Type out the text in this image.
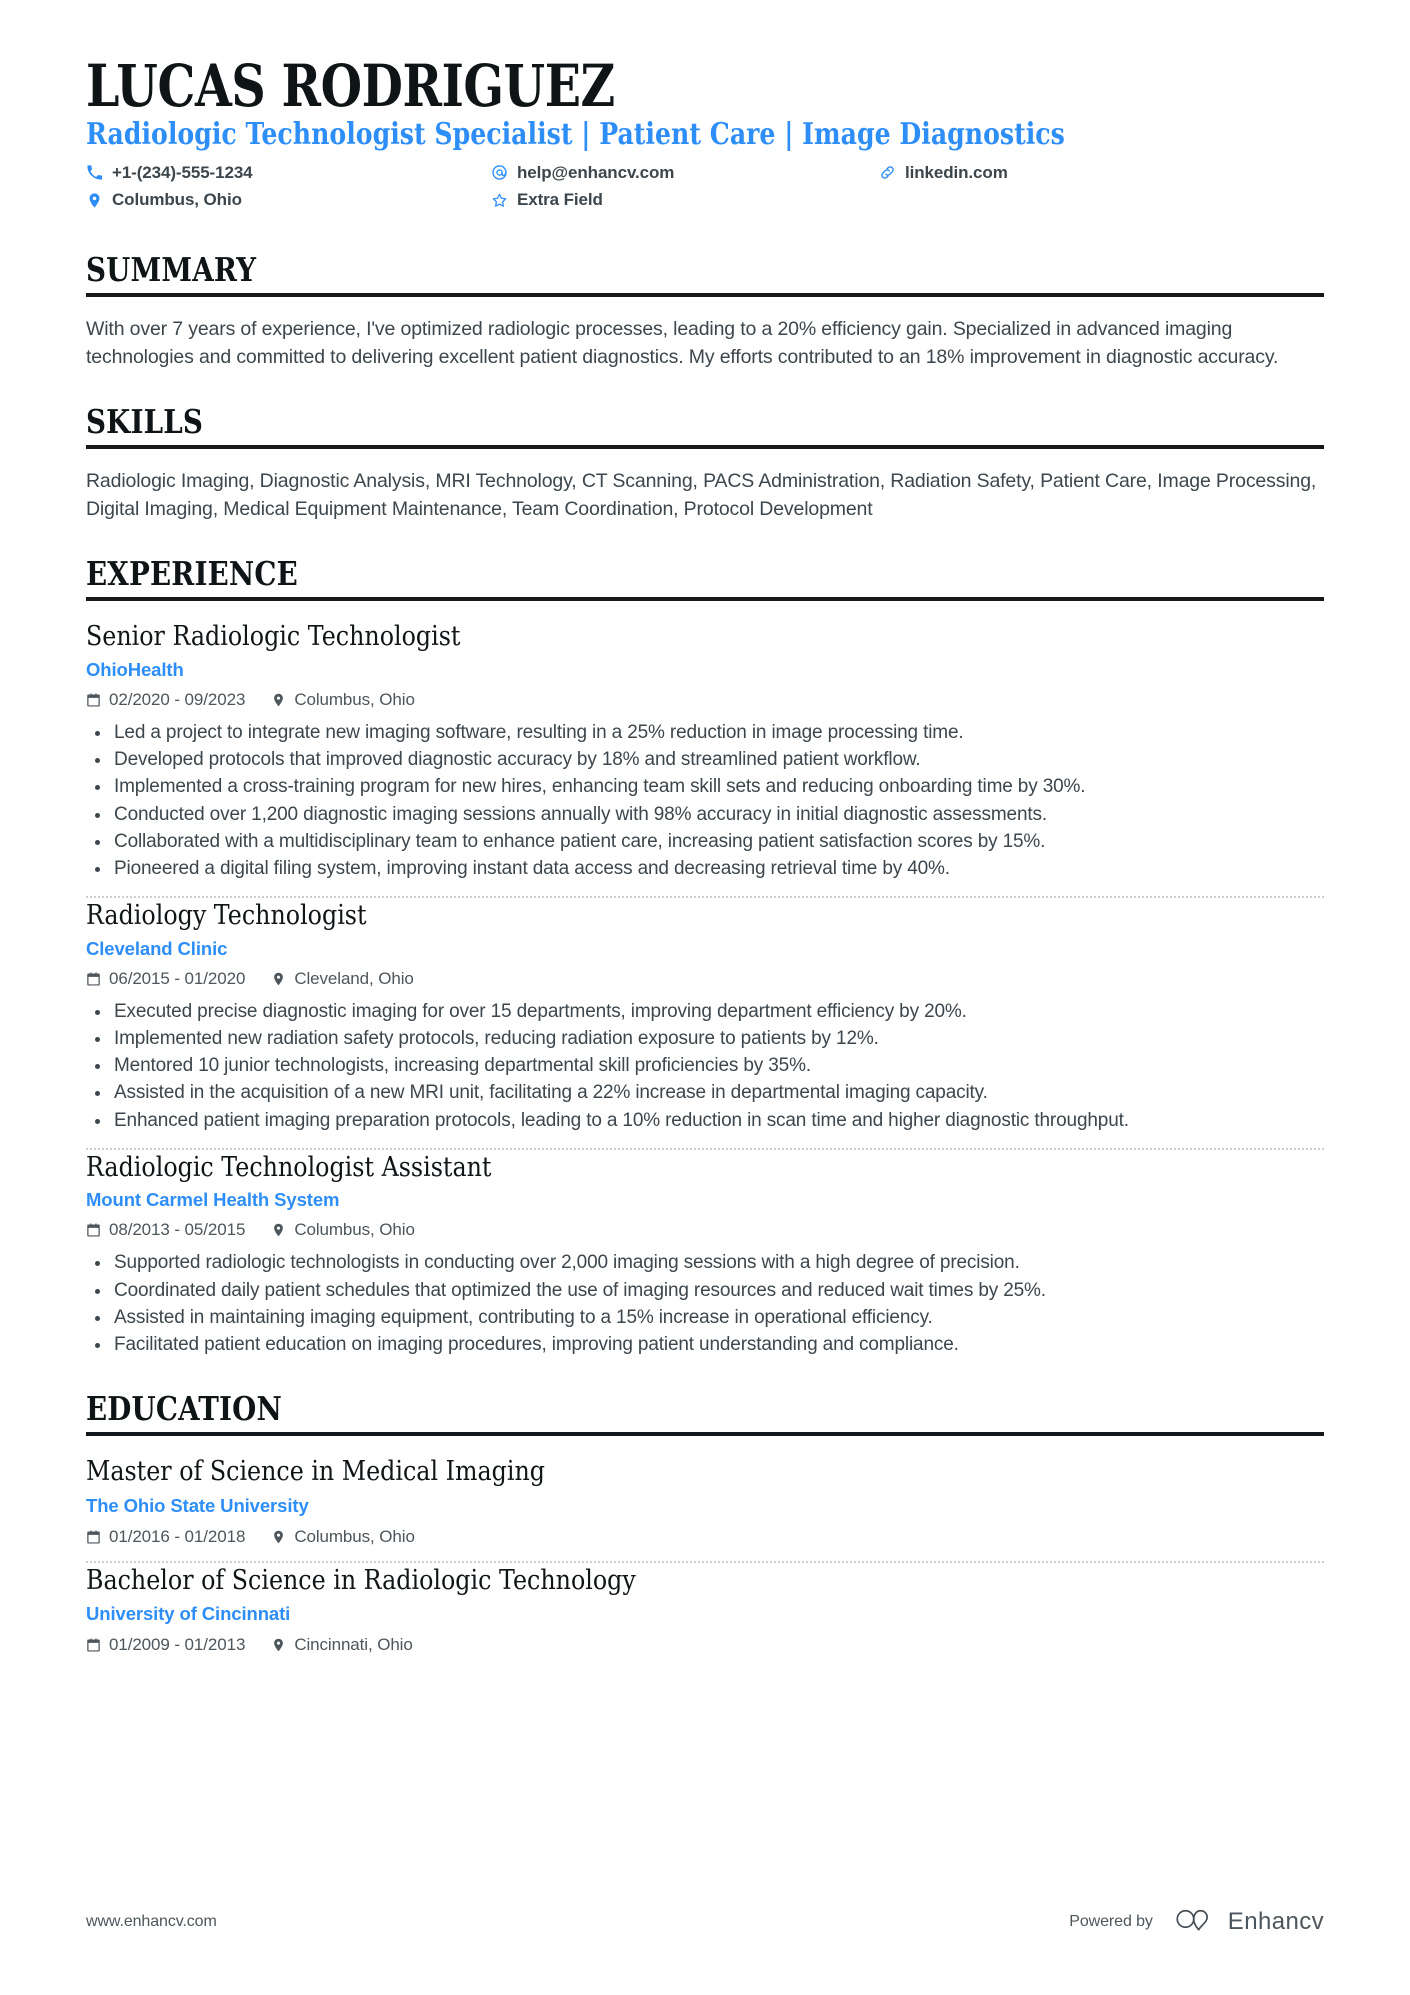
LUCAS RODRIGUEZ
Radiologic Technologist Specialist | Patient Care | Image Diagnostics
+1-(234)-555-1234	help@enhancv.com	linkedin.com
Columbus, Ohio	Extra Field
SUMMARY

With over 7 years of experience, I've optimized radiologic processes, leading to a 20% efficiency gain. Specialized in advanced imaging technologies and committed to delivering excellent patient diagnostics. My efforts contributed to an 18% improvement in diagnostic accuracy.

SKILLS

Radiologic Imaging, Diagnostic Analysis, MRI Technology, CT Scanning, PACS Administration, Radiation Safety, Patient Care, Image Processing, Digital Imaging, Medical Equipment Maintenance, Team Coordination, Protocol Development

EXPERIENCE
Senior Radiologic Technologist
OhioHealth
02/2020 - 09/2023	Columbus, Ohio
Led a project to integrate new imaging software, resulting in a 25% reduction in image processing time.
Developed protocols that improved diagnostic accuracy by 18% and streamlined patient workflow.
Implemented a cross-training program for new hires, enhancing team skill sets and reducing onboarding time by 30%.
Conducted over 1,200 diagnostic imaging sessions annually with 98% accuracy in initial diagnostic assessments.
Collaborated with a multidisciplinary team to enhance patient care, increasing patient satisfaction scores by 15%.
Pioneered a digital filing system, improving instant data access and decreasing retrieval time by 40%.
Radiology Technologist
Cleveland Clinic
06/2015 - 01/2020	Cleveland, Ohio
Executed precise diagnostic imaging for over 15 departments, improving department efficiency by 20%.
Implemented new radiation safety protocols, reducing radiation exposure to patients by 12%.
Mentored 10 junior technologists, increasing departmental skill proficiencies by 35%.
Assisted in the acquisition of a new MRI unit, facilitating a 22% increase in departmental imaging capacity.
Enhanced patient imaging preparation protocols, leading to a 10% reduction in scan time and higher diagnostic throughput.
Radiologic Technologist Assistant
Mount Carmel Health System
08/2013 - 05/2015	Columbus, Ohio
Supported radiologic technologists in conducting over 2,000 imaging sessions with a high degree of precision.
Coordinated daily patient schedules that optimized the use of imaging resources and reduced wait times by 25%.
Assisted in maintaining imaging equipment, contributing to a 15% increase in operational efficiency.
Facilitated patient education on imaging procedures, improving patient understanding and compliance.
EDUCATION
Master of Science in Medical Imaging
The Ohio State University
01/2016 - 01/2018	Columbus, Ohio
Bachelor of Science in Radiologic Technology
University of Cincinnati
01/2009 - 01/2013	Cincinnati, Ohio
www.enhancv.com	Powered by	Enhancv
